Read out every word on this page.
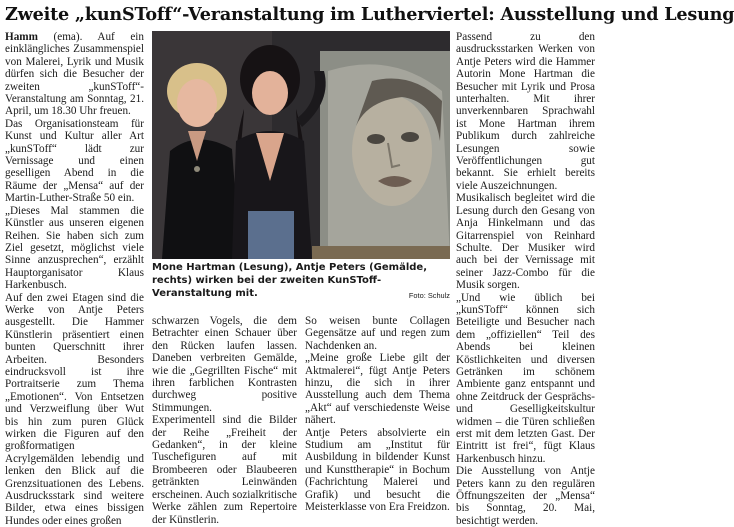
Zweite „kunSToff“-Veranstaltung im Lutherviertel: Ausstellung und Lesung

Hamm (ema). Auf ein einklängliches Zusammenspiel von Malerei, Lyrik und Musik dürfen sich die Besucher der zweiten „kunSToff“-Veranstaltung am Sonntag, 21. April, um 18.30 Uhr freuen.

Das Organisationsteam für Kunst und Kultur aller Art „kunSToff“ lädt zur Vernissage und einen geselligen Abend in die Räume der „Mensa“ auf der Martin-Luther-Straße 50 ein.

„Dieses Mal stammen die Künstler aus unseren eigenen Reihen. Sie haben sich zum Ziel gesetzt, möglichst viele Sinne anzusprechen“, erzählt Hauptorganisator Klaus Harkenbusch.

Auf den zwei Etagen sind die Werke von Antje Peters ausgestellt. Die Hammer Künstlerin präsentiert einen bunten Querschnitt ihrer Arbeiten. Besonders eindrucksvoll ist ihre Portraitserie zum Thema „Emotionen“. Von Entsetzen und Verzweiflung über Wut bis hin zum puren Glück wirken die Figuren auf den großformatigen Acrylgemälden lebendig und lenken den Blick auf die Grenzsituationen des Lebens. Ausdrucksstark sind weitere Bilder, etwa eines bissigen Hundes oder eines großen

Mone Hartman (Lesung), Antje Peters (Gemälde, rechts) wirken bei der zweiten KunSToff-Veranstaltung mit.	Foto: Schulz

schwarzen Vogels, die dem Betrachter einen Schauer über den Rücken laufen lassen. Daneben verbreiten Gemälde, wie die „Gegrillten Fische“ mit ihren farblichen Kontrasten durchweg positive Stimmungen.

Experimentell sind die Bilder der Reihe „Freiheit der Gedanken“, in der kleine Tuschefiguren auf mit Brombeeren oder Blaubeeren getränkten Leinwänden erscheinen. Auch sozialkritische Werke zählen zum Repertoire der Künstlerin.

So weisen bunte Collagen Gegensätze auf und regen zum Nachdenken an.

„Meine große Liebe gilt der Aktmalerei“, fügt Antje Peters hinzu, die sich in ihrer Ausstellung auch dem Thema „Akt“ auf verschiedenste Weise nähert.

Antje Peters absolvierte ein Studium am „Institut für Ausbildung in bildender Kunst und Kunsttherapie“ in Bochum (Fachrichtung Malerei und Grafik) und besucht die Meisterklasse von Era Freidzon.

Passend zu den ausdrucksstarken Werken von Antje Peters wird die Hammer Autorin Mone Hartman die Besucher mit Lyrik und Prosa unterhalten. Mit ihrer unverkennbaren Sprachwahl ist Mone Hartman ihrem Publikum durch zahlreiche Lesungen sowie Veröffentlichungen gut bekannt. Sie erhielt bereits viele Auszeichnungen.

Musikalisch begleitet wird die Lesung durch den Gesang von Anja Hinkelmann und das Gitarrenspiel von Reinhard Schulte. Der Musiker wird auch bei der Vernissage mit seiner Jazz-Combo für die Musik sorgen.

„Und wie üblich bei „kunSToff“ können sich Beteiligte und Besucher nach dem „offiziellen“ Teil des Abends bei kleinen Köstlichkeiten und diversen Getränken im schönem Ambiente ganz entspannt und ohne Zeitdruck der Gesprächs- und Geselligkeitskultur widmen – die Türen schließen erst mit dem letzten Gast. Der Eintritt ist frei“, fügt Klaus Harkenbusch hinzu.

Die Ausstellung von Antje Peters kann zu den regulären Öffnungszeiten der „Mensa“ bis Sonntag, 20. Mai, besichtigt werden.
